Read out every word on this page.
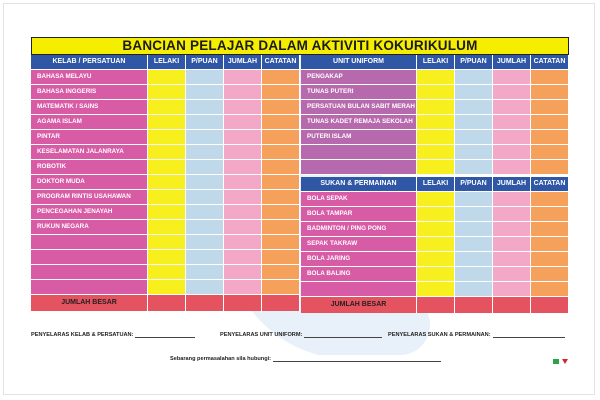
BANCIAN PELAJAR DALAM AKTIVITI KOKURIKULUM
KELAB / PERSATUAN	LELAKI	P/PUAN	JUMLAH	CATATAN
BAHASA MELAYU
BAHASA INGGERIS
MATEMATIK / SAINS
AGAMA ISLAM
PINTAR
KESELAMATAN JALANRAYA
ROBOTIK
DOKTOR MUDA
PROGRAM RINTIS USAHAWAN
PENCEGAHAN JENAYAH
RUKUN NEGARA
JUMLAH BESAR
UNIT UNIFORM	LELAKI	P/PUAN	JUMLAH	CATATAN
PENGAKAP
TUNAS PUTERI
PERSATUAN BULAN SABIT MERAH
TUNAS KADET REMAJA SEKOLAH
PUTERI ISLAM
SUKAN & PERMAINAN	LELAKI	P/PUAN	JUMLAH	CATATAN
BOLA SEPAK
BOLA TAMPAR
BADMINTON / PING PONG
SEPAK TAKRAW
BOLA JARING
BOLA BALING
JUMLAH BESAR
PENYELARAS KELAB & PERSATUAN:	PENYELARAS UNIT UNIFORM:	PENYELARAS SUKAN & PERMAINAN:
Sebarang permasalahan sila hubungi:
